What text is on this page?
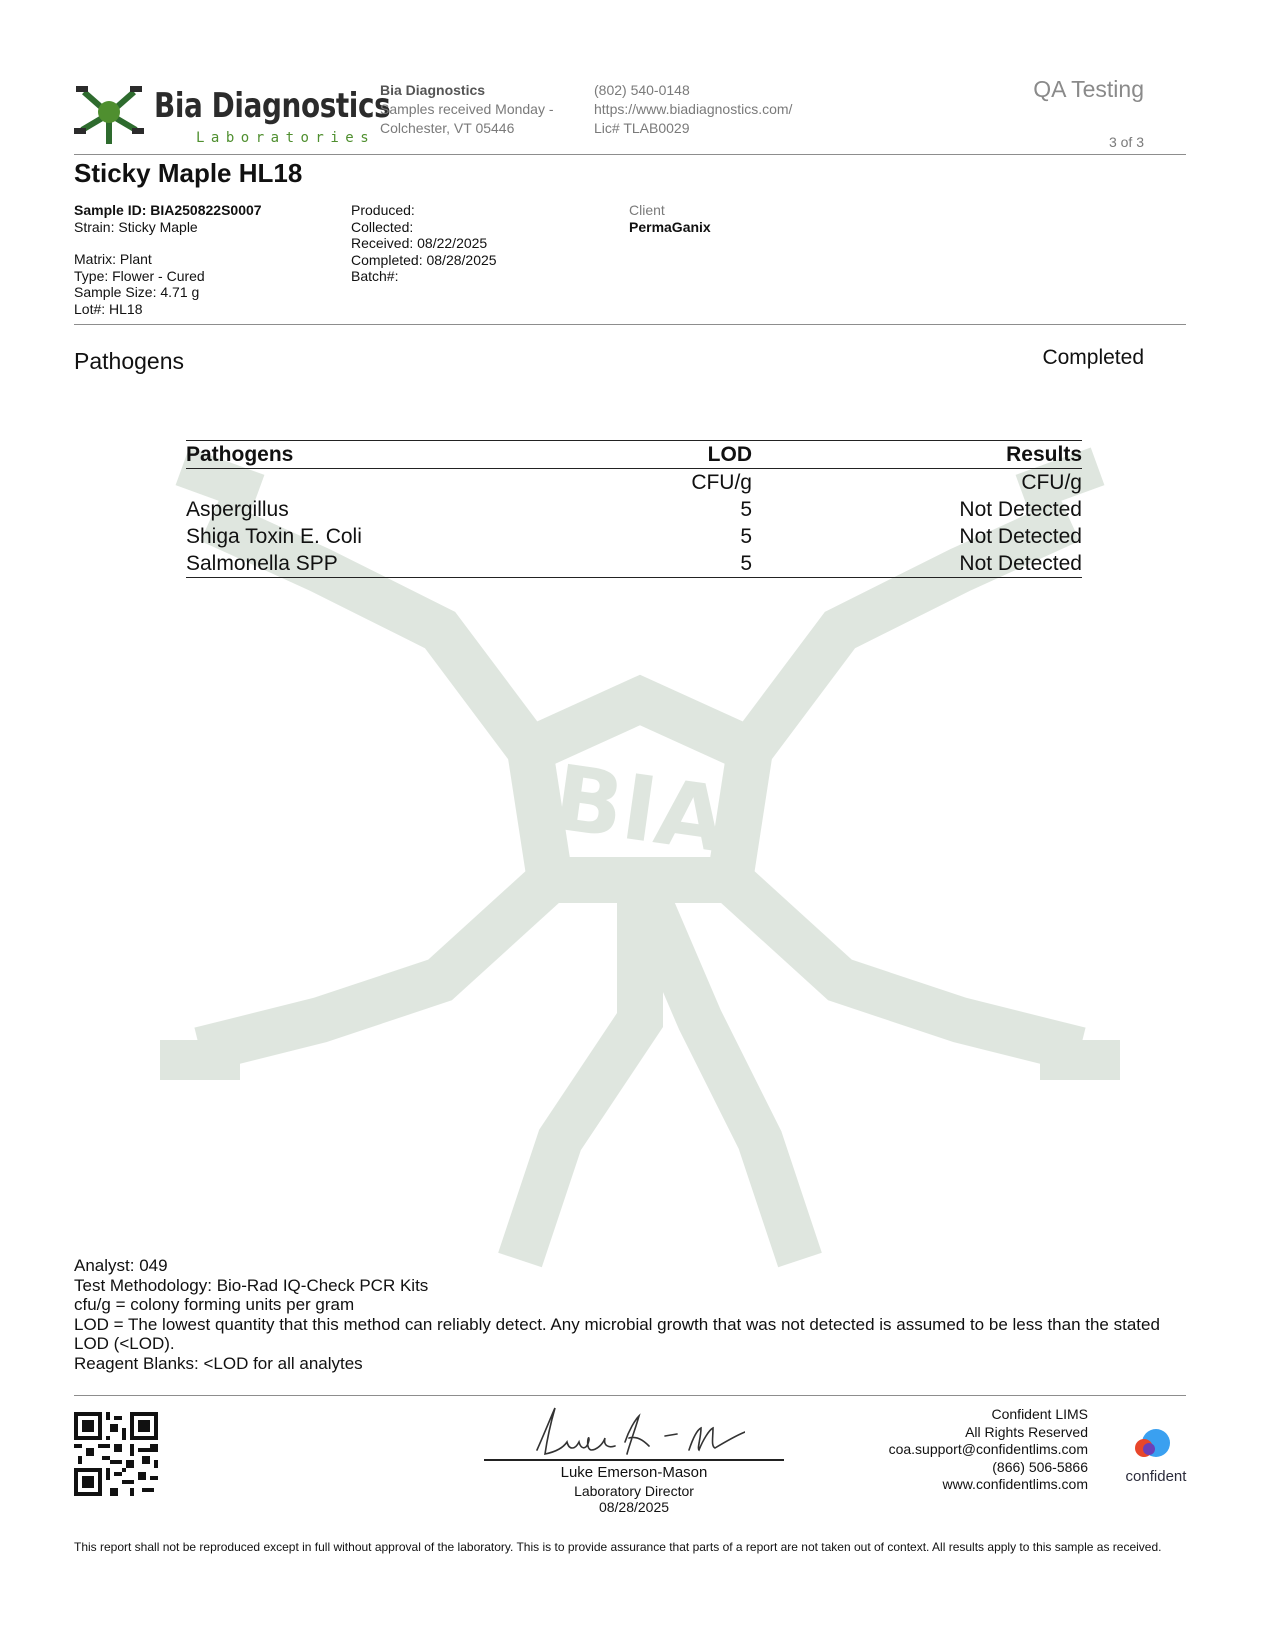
BIA
Bia Diagnostics
Laboratories
Bia Diagnostics
Samples received Monday -
Colchester, VT 05446
(802) 540-0148
https://www.biadiagnostics.com/
Lic# TLAB0029
QA Testing
3 of 3
Sticky Maple HL18
Sample ID: BIA250822S0007
Strain: Sticky Maple
Matrix: Plant
Type: Flower - Cured
Sample Size: 4.71 g
Lot#: HL18
Produced:
Collected:
Received: 08/22/2025
Completed: 08/28/2025
Batch#:
Client
PermaGanix
Pathogens	Completed
Pathogens	LOD	Results
	CFU/g	CFU/g
Aspergillus	5	Not Detected
Shiga Toxin E. Coli	5	Not Detected
Salmonella SPP	5	Not Detected
Analyst: 049
Test Methodology: Bio-Rad IQ-Check PCR Kits
cfu/g = colony forming units per gram
LOD = The lowest quantity that this method can reliably detect. Any microbial growth that was not detected is assumed to be less than the stated LOD (<LOD).
Reagent Blanks: <LOD for all analytes
Luke Emerson-Mason
Laboratory Director
08/28/2025
Confident LIMS
All Rights Reserved
coa.support@confidentlims.com
(866) 506-5866
www.confidentlims.com	confident
This report shall not be reproduced except in full without approval of the laboratory. This is to provide assurance that parts of a report are not taken out of context. All results apply to this sample as received.
